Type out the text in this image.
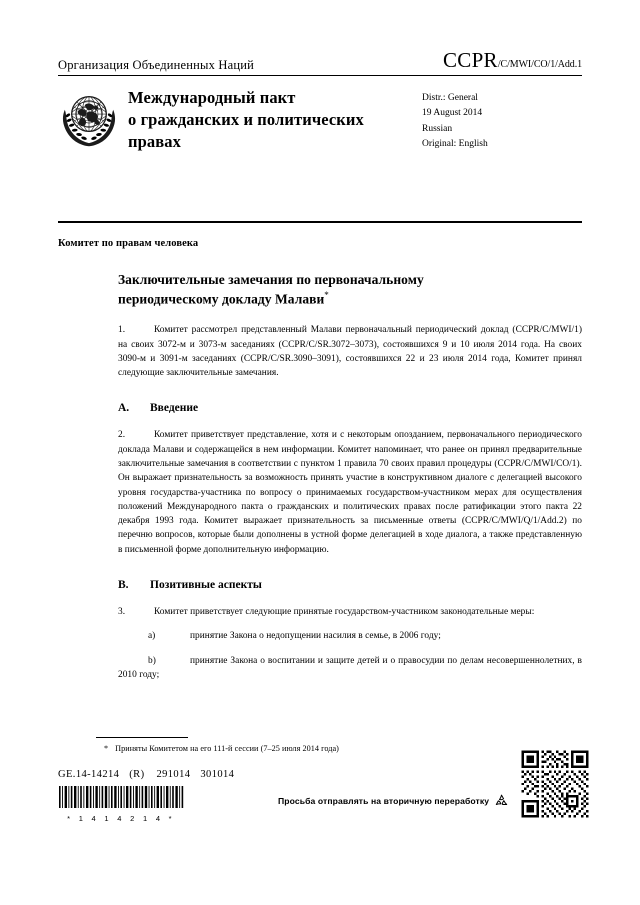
Организация Объединенных Наций	CCPR /C/MWI/CO/1/Add.1
Международный пакт
о гражданских и политических
правах
Distr.: General
19 August 2014
Russian
Original: English
Комитет по правам человека
Заключительные замечания по первоначальному
периодическому докладу Малави*

1.	Комитет рассмотрел представленный Малави первоначальный периодический доклад (CCPR/C/MWI/1) на своих 3072-м и 3073-м заседаниях (CCPR/C/SR.3072–3073), состоявшихся 9 и 10 июля 2014 года. На своих 3090-м и 3091-м заседаниях (CCPR/C/SR.3090–3091), состоявшихся 22 и 23 июля 2014 года, Комитет принял следующие заключительные замечания.

A.	Введение

2.	Комитет приветствует представление, хотя и с некоторым опозданием, первоначального периодического доклада Малави и содержащейся в нем информации. Комитет напоминает, что ранее он принял предварительные заключительные замечания в соответствии с пунктом 1 правила 70 своих правил процедуры (CCPR/C/MWI/CO/1). Он выражает признательность за возможность принять участие в конструктивном диалоге с делегацией высокого уровня государства-участника по вопросу о принимаемых государством-участником мерах для осуществления положений Международного пакта о гражданских и политических правах после ратификации этого пакта 22 декабря 1993 года. Комитет выражает признательность за письменные ответы (CCPR/C/MWI/Q/1/Add.2) по перечню вопросов, которые были дополнены в устной форме делегацией в ходе диалога, а также представленную в письменной форме дополнительную информацию.

B.	Позитивные аспекты

3.	Комитет приветствует следующие принятые государством-участником законодательные меры:

a)	принятие Закона о недопущении насилия в семье, в 2006 году;

b)	принятие Закона о воспитании и защите детей и о правосудии по делам несовершеннолетних, в 2010 году;

* Приняты Комитетом на его 111-й сессии (7–25 июля 2014 года)
GE.14-14214 (R) 291014 301014
* 1 4 1 4 2 1 4 *
Просьба отправлять на вторичную переработку
